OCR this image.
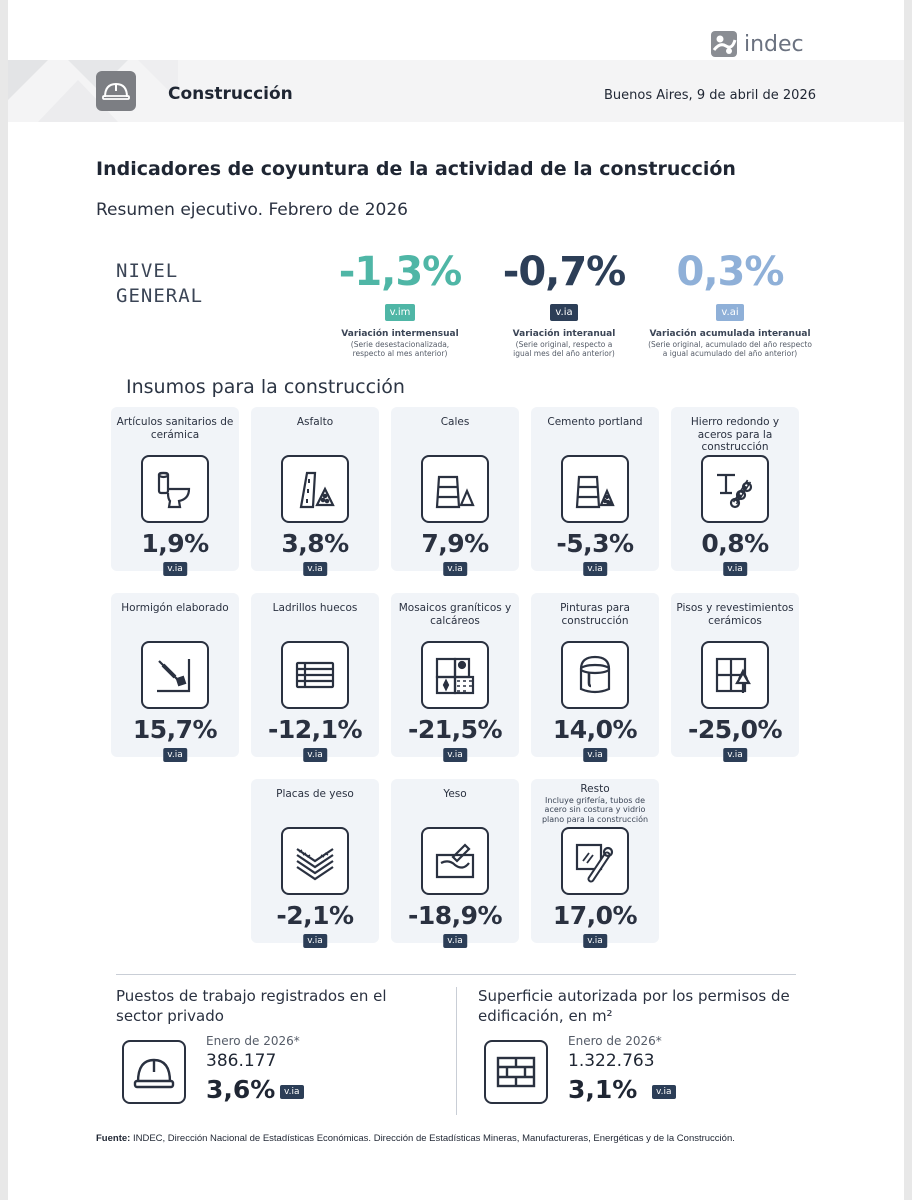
indec
Construcción	Buenos Aires, 9 de abril de 2026
Indicadores de coyuntura de la actividad de la construcción
Resumen ejecutivo. Febrero de 2026
NIVEL
GENERAL
-1,3%
v.im
Variación intermensual
(Serie desestacionalizada,
respecto al mes anterior)
-0,7%
v.ia
Variación interanual
(Serie original, respecto a
igual mes del año anterior)
0,3%
v.ai
Variación acumulada interanual
(Serie original, acumulado del año respecto
a igual acumulado del año anterior)
Insumos para la construcción
Artículos sanitarios de cerámica
1,9%
v.ia
Asfalto
3,8%
v.ia
Cales
7,9%
v.ia
Cemento portland
-5,3%
v.ia
Hierro redondo y aceros para la construcción
0,8%
v.ia
Hormigón elaborado
15,7%
v.ia
Ladrillos huecos
-12,1%
v.ia
Mosaicos graníticos y calcáreos
-21,5%
v.ia
Pinturas para construcción
14,0%
v.ia
Pisos y revestimientos cerámicos
-25,0%
v.ia
Placas de yeso
-2,1%
v.ia
Yeso
-18,9%
v.ia
Resto
Incluye grifería, tubos de acero sin costura y vidrio plano para la construcción
17,0%
v.ia
Puestos de trabajo registrados en el sector privado
Enero de 2026*
386.177
3,6% v.ia
Superficie autorizada por los permisos de edificación, en m²
Enero de 2026*
1.322.763
3,1%	v.ia
Fuente: INDEC, Dirección Nacional de Estadísticas Económicas. Dirección de Estadísticas Mineras, Manufactureras, Energéticas y de la Construcción.
